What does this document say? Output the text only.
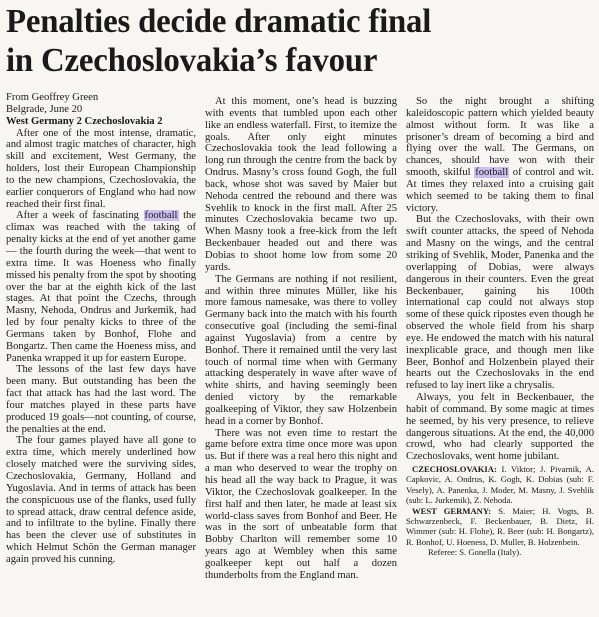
Penalties decide dramatic final
in Czechoslovakia’s favour

From Geoffrey Green

Belgrade, June 20

West Germany 2 Czechoslovakia 2

After one of the most intense, dramatic, and almost tragic matches of character, high skill and excitement, West Germany, the holders, lost their European Championship to the new champions, Czechoslovakia, the earlier conquerors of England who had now reached their first final.

After a week of fascinating football the climax was reached with the taking of penalty kicks at the end of yet another game— the fourth during the week—that went to extra time. It was Hoeness who finally missed his penalty from the spot by shooting over the bar at the eighth kick of the last stages. At that point the Czechs, through Masny, Nehoda, Ondrus and Jurkemik, had led by four penalty kicks to three of the Germans taken by Bonhof, Flohe and Bongartz. Then came the Hoeness miss, and Panenka wrapped it up for eastern Europe.

The lessons of the last few days have been many. But outstanding has been the fact that attack has had the last word. The four matches played in these parts have produced 19 goals—not counting, of course, the penalties at the end.

The four games played have all gone to extra time, which merely underlined how closely matched were the surviving sides, Czechoslovakia, Germany, Holland and Yugoslavia. And in terms of attack has been the conspicuous use of the flanks, used fully to spread attack, draw central defence aside, and to infiltrate to the byline. Finally there has been the clever use of substitutes in which Helmut Schön the German manager again proved his cunning.

At this moment, one’s head is buzzing with events that tumbled upon each other like an endless waterfall. First, to itemize the goals. After only eight minutes Czechoslovakia took the lead following a long run through the centre from the back by Ondrus. Masny’s cross found Gogh, the full back, whose shot was saved by Maier but Nehoda centred the rebound and there was Svehlik to knock in the first mall. After 25 minutes Czechoslovakia became two up. When Masny took a free-kick from the left Beckenbauer headed out and there was Dobias to shoot home low from some 20 yards.

The Germans are nothing if not resilient, and within three minutes Müller, like his more famous namesake, was there to volley Germany back into the match with his fourth consecutive goal (including the semi-final against Yugoslavia) from a centre by Bonhof. There it remained until the very last touch of normal time when with Germany attacking desperately in wave after wave of white shirts, and having seemingly been denied victory by the remarkable goalkeeping of Viktor, they saw Holzenbein head in a corner by Bonhof.

There was not even time to restart the game before extra time once more was upon us. But if there was a real hero this night and a man who deserved to wear the trophy on his head all the way back to Prague, it was Viktor, the Czechoslovak goalkeeper. In the first half and then later, he made at least six world-class saves from Bonhof and Beer. He was in the sort of unbeatable form that Bobby Charlton will remember some 10 years ago at Wembley when this same goalkeeper kept out half a dozen thunderbolts from the England man.

So the night brought a shifting kaleidoscopic pattern which yielded beauty almost without form. It was like a prisoner’s dream of becoming a bird and flying over the wall. The Germans, on chances, should have won with their smooth, skilful football of control and wit. At times they relaxed into a cruising gait which seemed to be taking them to final victory.

But the Czechoslovaks, with their own swift counter attacks, the speed of Nehoda and Masny on the wings, and the central striking of Svehlik, Moder, Panenka and the overlapping of Dobias, were always dangerous in their counters. Even the great Beckenbauer, gaining his 100th international cap could not always stop some of these quick ripostes even though he observed the whole field from his sharp eye. He endowed the match with his natural inexplicable grace, and though men like Beer, Bonhof and Holzenbein played their hearts out the Czechoslovaks in the end refused to lay inert like a chrysalis.

Always, you felt in Beckenbauer, the habit of command. By some magic at times he seemed, by his very presence, to relieve dangerous situations. At the end, the 40,000 crowd, who had clearly supported the Czechoslovaks, went home jubilant.

CZECHOSLOVAKIA: I. Viktor; J. Pivarnik, A. Capkovic, A. Ondrus, K. Gogh, K. Dobias (sub: F. Vesely), A. Panenka, J. Moder, M. Masny, J. Svehlik (sub: L. Jurkemik), Z. Nehoda.

WEST GERMANY: S. Maier; H. Vogts, B. Schwarzenbeck, F. Beckenbauer, B. Dietz, H. Wimmer (sub: H. Flohe), R. Beer (sub: H. Bongartz), R. Bonhof, U. Hoeness, D. Muller, B. Holzenbein.

Referee: S. Gonella (Italy).
